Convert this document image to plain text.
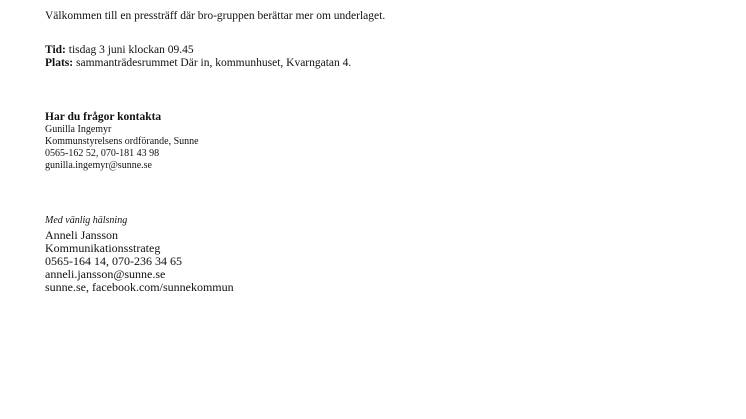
Välkommen till en presstr​äff där bro-gruppen berättar mer om underlaget.
Tid: tisdag 3 juni klockan 09.45
Plats: sammanträdesrummet Där in, kommunhuset, Kvarngatan 4.
Har du frågor kontakta
Gunilla Ingemyr
Kommunstyrelsens ordförande, Sunne
0565-162 52, 070-181 43 98
gunilla.ingemyr@sunne.se
Med vänlig hälsning
Anneli Jansson
Kommunikationsstrateg
0565-164 14, 070-236 34 65
anneli.jansson@sunne.se
sunne.se, facebook.com/sunnekommun
